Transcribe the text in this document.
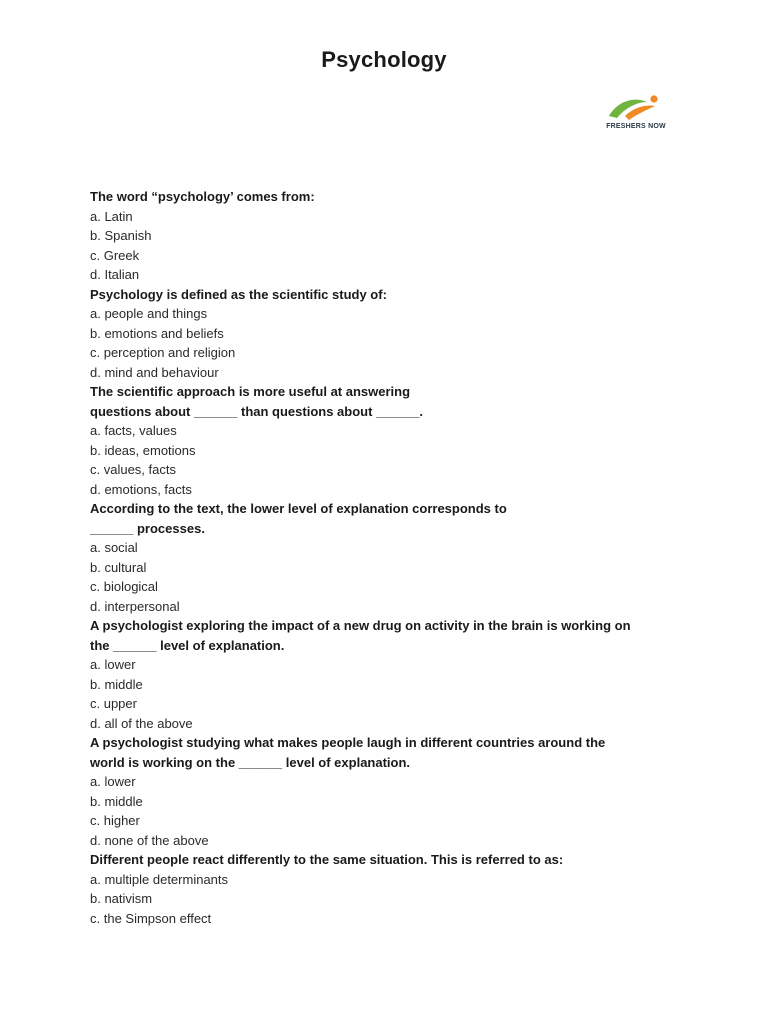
Psychology
FRESHERS NOW
The word “psychology’ comes from:
a. Latin
b. Spanish
c. Greek
d. Italian
Psychology is defined as the scientific study of:
a. people and things
b. emotions and beliefs
c. perception and religion
d. mind and behaviour
The scientific approach is more useful at answering
questions about ______ than questions about ______.
a. facts, values
b. ideas, emotions
c. values, facts
d. emotions, facts
According to the text, the lower level of explanation corresponds to
______ processes.
a. social
b. cultural
c. biological
d. interpersonal
A psychologist exploring the impact of a new drug on activity in the brain is working on
the ______ level of explanation.
a. lower
b. middle
c. upper
d. all of the above
A psychologist studying what makes people laugh in different countries around the
world is working on the ______ level of explanation.
a. lower
b. middle
c. higher
d. none of the above
Different people react differently to the same situation. This is referred to as:
a. multiple determinants
b. nativism
c. the Simpson effect
